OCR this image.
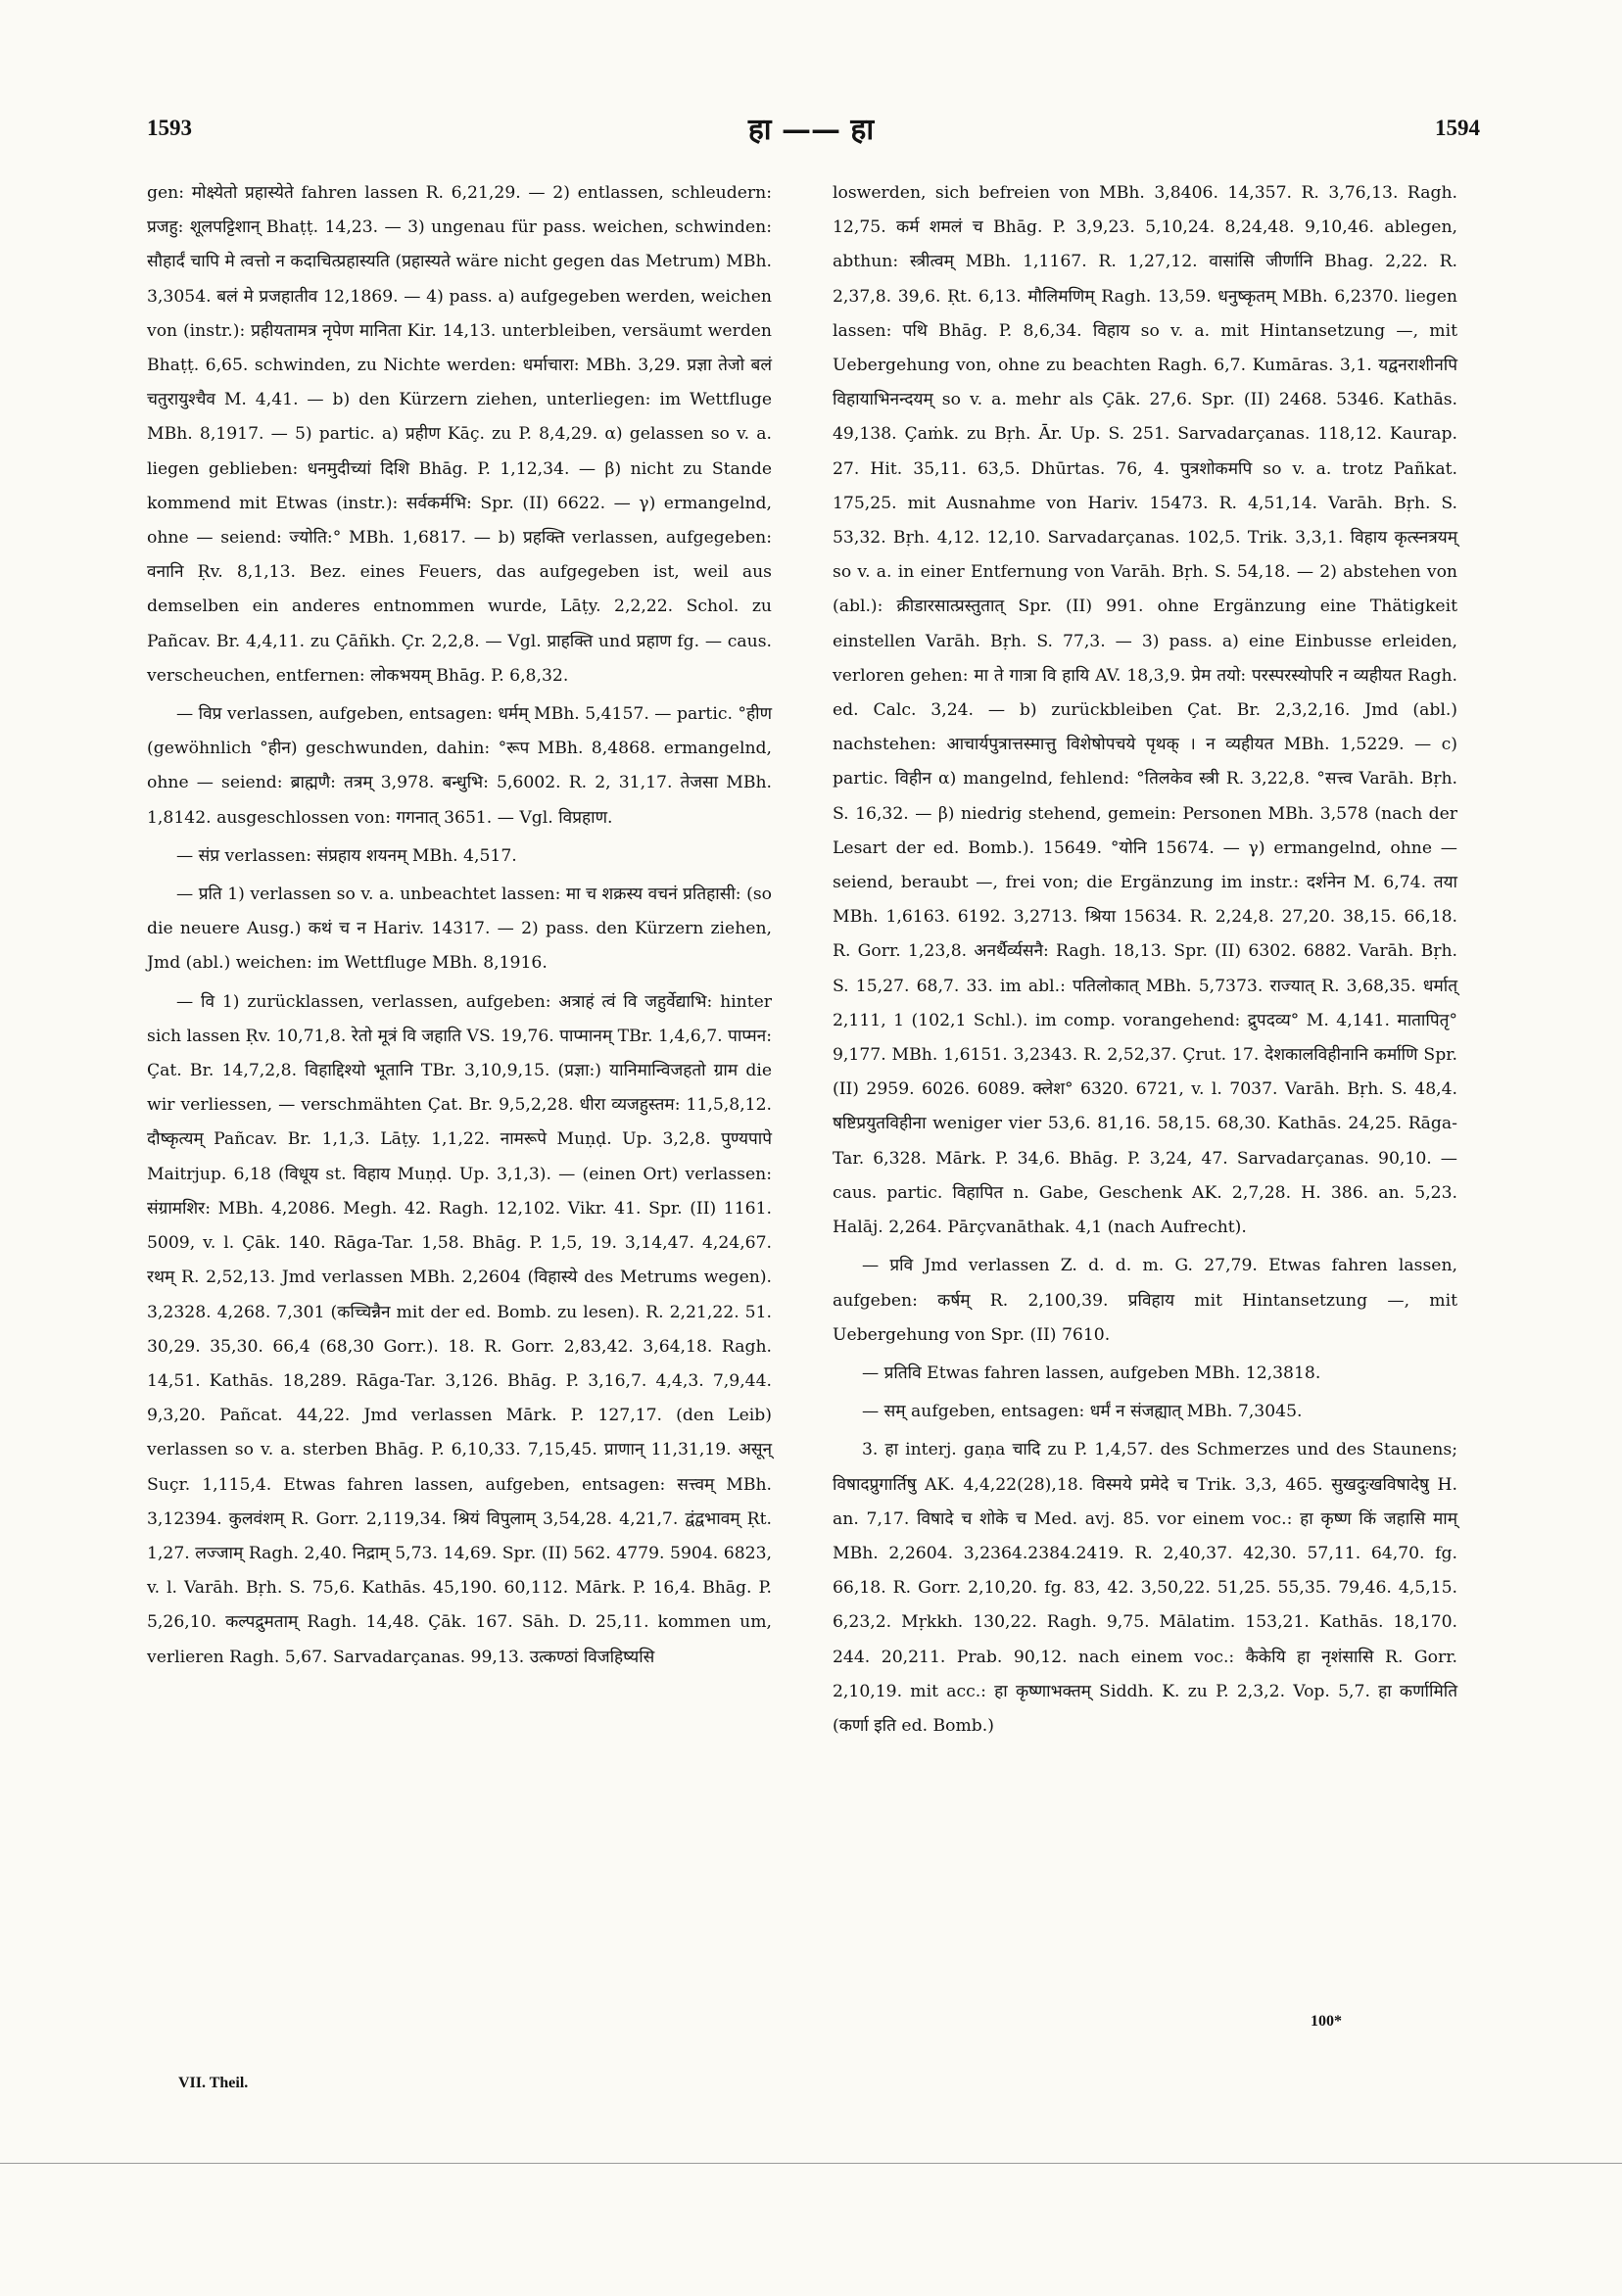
1593	हा —— हा	1594

gen: मोक्ष्येतो प्रहास्येते fahren lassen R. 6,21,29. — 2) entlassen, schleudern: प्रजहु: शूलपट्टिशान् Bhaṭṭ. 14,23. — 3) ungenau für pass. weichen, schwinden: सौहार्दं चापि मे त्वत्तो न कदाचित्प्रहास्यति (प्रहास्यते wäre nicht gegen das Metrum) MBh. 3,3054. बलं मे प्रजहातीव 12,1869. — 4) pass. a) aufgegeben werden, weichen von (instr.): प्रहीयतामत्र नृपेण मानिता Kir. 14,13. unterbleiben, versäumt werden Bhaṭṭ. 6,65. schwinden, zu Nichte werden: धर्माचारा: MBh. 3,29. प्रज्ञा तेजो बलं चतुरायुश्चैव M. 4,41. — b) den Kürzern ziehen, unterliegen: im Wettfluge MBh. 8,1917. — 5) partic. a) प्रहीण Kāç. zu P. 8,4,29. α) gelassen so v. a. liegen geblieben: धनमुदीच्यां दिशि Bhāg. P. 1,12,34. — β) nicht zu Stande kommend mit Etwas (instr.): सर्वकर्मभि: Spr. (II) 6622. — γ) ermangelnd, ohne — seiend: ज्योति:° MBh. 1,6817. — b) प्रहक्ति verlassen, aufgegeben: वनानि Ṛv. 8,1,13. Bez. eines Feuers, das aufgegeben ist, weil aus demselben ein anderes entnommen wurde, Lāṭy. 2,2,22. Schol. zu Pañcav. Br. 4,4,11. zu Çāñkh. Çr. 2,2,8. — Vgl. प्राहक्ति und प्रहाण fg. — caus. verscheuchen, entfernen: लोकभयम् Bhāg. P. 6,8,32.

— विप्र verlassen, aufgeben, entsagen: धर्मम् MBh. 5,4157. — partic. °हीण (gewöhnlich °हीन) geschwunden, dahin: °रूप MBh. 8,4868. ermangelnd, ohne — seiend: ब्राह्मणै: तत्रम् 3,978. बन्धुभि: 5,6002. R. 2, 31,17. तेजसा MBh. 1,8142. ausgeschlossen von: गगनात् 3651. — Vgl. विप्रहाण.

— संप्र verlassen: संप्रहाय शयनम् MBh. 4,517.

— प्रति 1) verlassen so v. a. unbeachtet lassen: मा च शक्रस्य वचनं प्रतिहासी: (so die neuere Ausg.) कथं च न Hariv. 14317. — 2) pass. den Kürzern ziehen, Jmd (abl.) weichen: im Wettfluge MBh. 8,1916.

— वि 1) zurücklassen, verlassen, aufgeben: अत्राहं त्वं वि जहुर्वेद्याभि: hinter sich lassen Ṛv. 10,71,8. रेतो मूत्रं वि जहाति VS. 19,76. पाप्मानम् TBr. 1,4,6,7. पाप्मन: Çat. Br. 14,7,2,8. विहाद्दिश्यो भूतानि TBr. 3,10,9,15. (प्रज्ञा:) यानिमान्विजहतो ग्राम die wir verliessen, — verschmähten Çat. Br. 9,5,2,28. धीरा व्यजहुस्तम: 11,5,8,12. दौष्कृत्यम् Pañcav. Br. 1,1,3. Lāṭy. 1,1,22. नामरूपे Muṇḍ. Up. 3,2,8. पुण्यपापे Maitrjup. 6,18 (विधूय st. विहाय Muṇḍ. Up. 3,1,3). — (einen Ort) verlassen: संग्रामशिर: MBh. 4,2086. Megh. 42. Ragh. 12,102. Vikr. 41. Spr. (II) 1161. 5009, v. l. Çāk. 140. Rāga-Tar. 1,58. Bhāg. P. 1,5, 19. 3,14,47. 4,24,67. रथम् R. 2,52,13. Jmd verlassen MBh. 2,2604 (विहास्ये des Metrums wegen). 3,2328. 4,268. 7,301 (कच्चिन्नैन mit der ed. Bomb. zu lesen). R. 2,21,22. 51. 30,29. 35,30. 66,4 (68,30 Gorr.). 18. R. Gorr. 2,83,42. 3,64,18. Ragh. 14,51. Kathās. 18,289. Rāga-Tar. 3,126. Bhāg. P. 3,16,7. 4,4,3. 7,9,44. 9,3,20. Pañcat. 44,22. Jmd verlassen Mārk. P. 127,17. (den Leib) verlassen so v. a. sterben Bhāg. P. 6,10,33. 7,15,45. प्राणान् 11,31,19. असून् Suçr. 1,115,4. Etwas fahren lassen, aufgeben, entsagen: सत्त्वम् MBh. 3,12394. कुलवंशम् R. Gorr. 2,119,34. श्रियं विपुलाम् 3,54,28. 4,21,7. द्वंद्वभावम् Ṛt. 1,27. लज्जाम् Ragh. 2,40. निद्राम् 5,73. 14,69. Spr. (II) 562. 4779. 5904. 6823, v. l. Varāh. Bṛh. S. 75,6. Kathās. 45,190. 60,112. Mārk. P. 16,4. Bhāg. P. 5,26,10. कल्पद्रुमताम् Ragh. 14,48. Çāk. 167. Sāh. D. 25,11. kommen um, verlieren Ragh. 5,67. Sarvadarçanas. 99,13. उत्कण्ठां विजहिष्यसि

loswerden, sich befreien von MBh. 3,8406. 14,357. R. 3,76,13. Ragh. 12,75. कर्म शमलं च Bhāg. P. 3,9,23. 5,10,24. 8,24,48. 9,10,46. ablegen, abthun: स्त्रीत्वम् MBh. 1,1167. R. 1,27,12. वासांसि जीर्णानि Bhag. 2,22. R. 2,37,8. 39,6. Ṛt. 6,13. मौलिमणिम् Ragh. 13,59. धनुष्कृतम् MBh. 6,2370. liegen lassen: पथि Bhāg. P. 8,6,34. विहाय so v. a. mit Hintansetzung —, mit Uebergehung von, ohne zu beachten Ragh. 6,7. Kumāras. 3,1. यद्वनराशीनपि विहायाभिनन्दयम् so v. a. mehr als Çāk. 27,6. Spr. (II) 2468. 5346. Kathās. 49,138. Çaṁk. zu Bṛh. Ār. Up. S. 251. Sarvadarçanas. 118,12. Kaurap. 27. Hit. 35,11. 63,5. Dhūrtas. 76, 4. पुत्रशोकमपि so v. a. trotz Pañkat. 175,25. mit Ausnahme von Hariv. 15473. R. 4,51,14. Varāh. Bṛh. S. 53,32. Bṛh. 4,12. 12,10. Sarvadarçanas. 102,5. Trik. 3,3,1. विहाय कृत्स्नत्रयम् so v. a. in einer Entfernung von Varāh. Bṛh. S. 54,18. — 2) abstehen von (abl.): क्रीडारसात्प्रस्तुतात् Spr. (II) 991. ohne Ergänzung eine Thätigkeit einstellen Varāh. Bṛh. S. 77,3. — 3) pass. a) eine Einbusse erleiden, verloren gehen: मा ते गात्रा वि हायि AV. 18,3,9. प्रेम तयो: परस्परस्योपरि न व्यहीयत Ragh. ed. Calc. 3,24. — b) zurückbleiben Çat. Br. 2,3,2,16. Jmd (abl.) nachstehen: आचार्यपुत्रात्तस्मात्तु विशेषोपचये पृथक् । न व्यहीयत MBh. 1,5229. — c) partic. विहीन α) mangelnd, fehlend: °तिलकेव स्त्री R. 3,22,8. °सत्त्व Varāh. Bṛh. S. 16,32. — β) niedrig stehend, gemein: Personen MBh. 3,578 (nach der Lesart der ed. Bomb.). 15649. °योनि 15674. — γ) ermangelnd, ohne — seiend, beraubt —, frei von; die Ergänzung im instr.: दर्शनेन M. 6,74. तया MBh. 1,6163. 6192. 3,2713. श्रिया 15634. R. 2,24,8. 27,20. 38,15. 66,18. R. Gorr. 1,23,8. अनर्थैर्व्यसनै: Ragh. 18,13. Spr. (II) 6302. 6882. Varāh. Bṛh. S. 15,27. 68,7. 33. im abl.: पतिलोकात् MBh. 5,7373. राज्यात् R. 3,68,35. धर्मात् 2,111, 1 (102,1 Schl.). im comp. vorangehend: द्रुपदव्य° M. 4,141. मातापितृ° 9,177. MBh. 1,6151. 3,2343. R. 2,52,37. Çrut. 17. देशकालविहीनानि कर्माणि Spr. (II) 2959. 6026. 6089. क्लेश° 6320. 6721, v. l. 7037. Varāh. Bṛh. S. 48,4. षष्टिप्रयुतविहीना weniger vier 53,6. 81,16. 58,15. 68,30. Kathās. 24,25. Rāga-Tar. 6,328. Mārk. P. 34,6. Bhāg. P. 3,24, 47. Sarvadarçanas. 90,10. — caus. partic. विहापित n. Gabe, Geschenk AK. 2,7,28. H. 386. an. 5,23. Halāj. 2,264. Pārçvanāthak. 4,1 (nach Aufrecht).

— प्रवि Jmd verlassen Z. d. d. m. G. 27,79. Etwas fahren lassen, aufgeben: कर्षम् R. 2,100,39. प्रविहाय mit Hintansetzung —, mit Uebergehung von Spr. (II) 7610.

— प्रतिवि Etwas fahren lassen, aufgeben MBh. 12,3818.

— सम् aufgeben, entsagen: धर्मं न संजह्यात् MBh. 7,3045.

3. हा interj. gaṇa चादि zu P. 1,4,57. des Schmerzes und des Staunens; विषादप्रुगार्तिषु AK. 4,4,22(28),18. विस्मये प्रमेदे च Trik. 3,3, 465. सुखदुःखविषादेषु H. an. 7,17. विषादे च शोके च Med. avj. 85. vor einem voc.: हा कृष्ण किं जहासि माम् MBh. 2,2604. 3,2364.2384.2419. R. 2,40,37. 42,30. 57,11. 64,70. fg. 66,18. R. Gorr. 2,10,20. fg. 83, 42. 3,50,22. 51,25. 55,35. 79,46. 4,5,15. 6,23,2. Mṛkkh. 130,22. Ragh. 9,75. Mālatim. 153,21. Kathās. 18,170. 244. 20,211. Prab. 90,12. nach einem voc.: कैकेयि हा नृशंसासि R. Gorr. 2,10,19. mit acc.: हा कृष्णाभक्तम् Siddh. K. zu P. 2,3,2. Vop. 5,7. हा कर्णामिति (कर्णा इति ed. Bomb.)

VII. Theil.
100*
